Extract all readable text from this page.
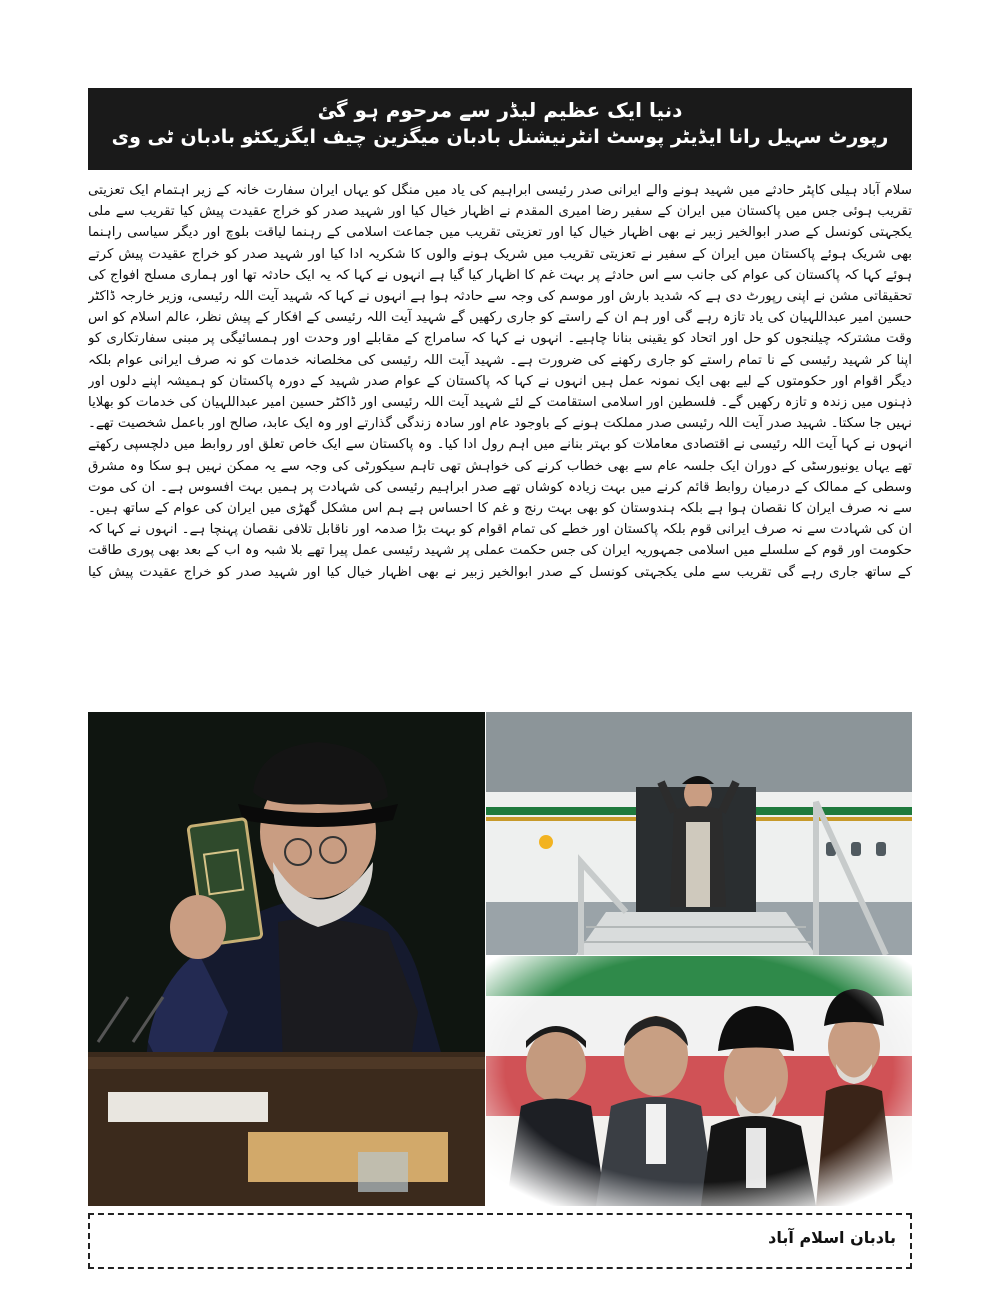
دنیا ایک عظیم لیڈر سے مرحوم ہو گئ
رپورٹ سہیل رانا ایڈیٹر پوسٹ انٹرنیشنل بادبان میگزین چیف ایگزیکٹو بادبان ٹی وی
سلام آباد ہیلی کاپٹر حادثے میں شہید ہونے والے ایرانی صدر رئیسی ابراہیم کی یاد میں منگل کو یہاں ایران سفارت خانہ کے زیر اہتمام ایک تعزیتی تقریب ہوئی جس میں پاکستان میں ایران کے سفیر رضا امیری المقدم نے اظہار خیال کیا اور شہید صدر کو خراج عقیدت پیش کیا تقریب سے ملی یکجہتی کونسل کے صدر ابوالخیر زبیر نے بھی اظہار خیال کیا اور تعزیتی تقریب میں جماعت اسلامی کے رہنما لیاقت بلوچ اور دیگر سیاسی راہنما بھی شریک ہوئے پاکستان میں ایران کے سفیر نے تعزیتی تقریب میں شریک ہونے والوں کا شکریہ ادا کیا اور شہید صدر کو خراج عقیدت پیش کرتے ہوئے کہا کہ پاکستان کی عوام کی جانب سے اس حادثے پر بہت غم کا اظہار کیا گیا ہے انہوں نے کہا کہ یہ ایک حادثہ تھا اور ہماری مسلح افواج کی تحقیقاتی مشن نے اپنی رپورٹ دی ہے کہ شدید بارش اور موسم کی وجہ سے حادثہ ہوا ہے انہوں نے کہا کہ شہید آیت اللہ رئیسی، وزیر خارجہ ڈاکٹر حسین امیر عبداللہیان کی یاد تازہ رہے گی اور ہم ان کے راستے کو جاری رکھیں گے شہید آیت اللہ رئیسی کے افکار کے پیش نظر، عالم اسلام کو اس وقت مشترکہ چیلنجوں کو حل اور اتحاد کو یقینی بنانا چاہیے۔ انہوں نے کہا کہ سامراج کے مقابلے اور وحدت اور ہمسائیگی پر مبنی سفارتکاری کو اپنا کر شہید رئیسی کے نا تمام راستے کو جاری رکھنے کی ضرورت ہے۔ شہید آیت اللہ رئیسی کی مخلصانہ خدمات کو نہ صرف ایرانی عوام بلکہ دیگر اقوام اور حکومتوں کے لیے بھی ایک نمونہ عمل ہیں انہوں نے کہا کہ پاکستان کے عوام صدر شہید کے دورہ پاکستان کو ہمیشہ اپنے دلوں اور ذہنوں میں زندہ و تازہ رکھیں گے۔ فلسطین اور اسلامی استقامت کے لئے شہید آیت اللہ رئیسی اور ڈاکٹر حسین امیر عبداللہیان کی خدمات کو بھلایا نہیں جا سکتا۔ شہید صدر آیت اللہ رئیسی صدر مملکت ہونے کے باوجود عام اور سادہ زندگی گذارتے اور وہ ایک عابد، صالح اور باعمل شخصیت تھے۔ انہوں نے کہا آیت اللہ رئیسی نے اقتصادی معاملات کو بہتر بنانے میں اہم رول ادا کیا۔ وہ پاکستان سے ایک خاص تعلق اور روابط میں دلچسپی رکھتے تھے یہاں یونیورسٹی کے دوران ایک جلسہ عام سے بھی خطاب کرنے کی خواہش تھی تاہم سیکورٹی کی وجہ سے یہ ممکن نہیں ہو سکا وہ مشرق وسطی کے ممالک کے درمیان روابط قائم کرنے میں بہت زیادہ کوشاں تھے صدر ابراہیم رئیسی کی شہادت پر ہمیں بہت افسوس ہے۔ ان کی موت سے نہ صرف ایران کا نقصان ہوا ہے بلکہ ہندوستان کو بھی بہت رنج و غم کا احساس ہے ہم اس مشکل گھڑی میں ایران کی عوام کے ساتھ ہیں۔ ان کی شہادت سے نہ صرف ایرانی قوم بلکہ پاکستان اور خطے کی تمام اقوام کو بہت بڑا صدمہ اور ناقابل تلافی نقصان پہنچا ہے۔ انہوں نے کہا کہ حکومت اور قوم کے سلسلے میں اسلامی جمہوریہ ایران کی جس حکمت عملی پر شہید رئیسی عمل پیرا تھے بلا شبہ وہ اب کے بعد بھی پوری طاقت کے ساتھ جاری رہے گی تقریب سے ملی یکجہتی کونسل کے صدر ابوالخیر زبیر نے بھی اظہار خیال کیا اور شہید صدر کو خراج عقیدت پیش کیا
بادبان اسلام آباد
